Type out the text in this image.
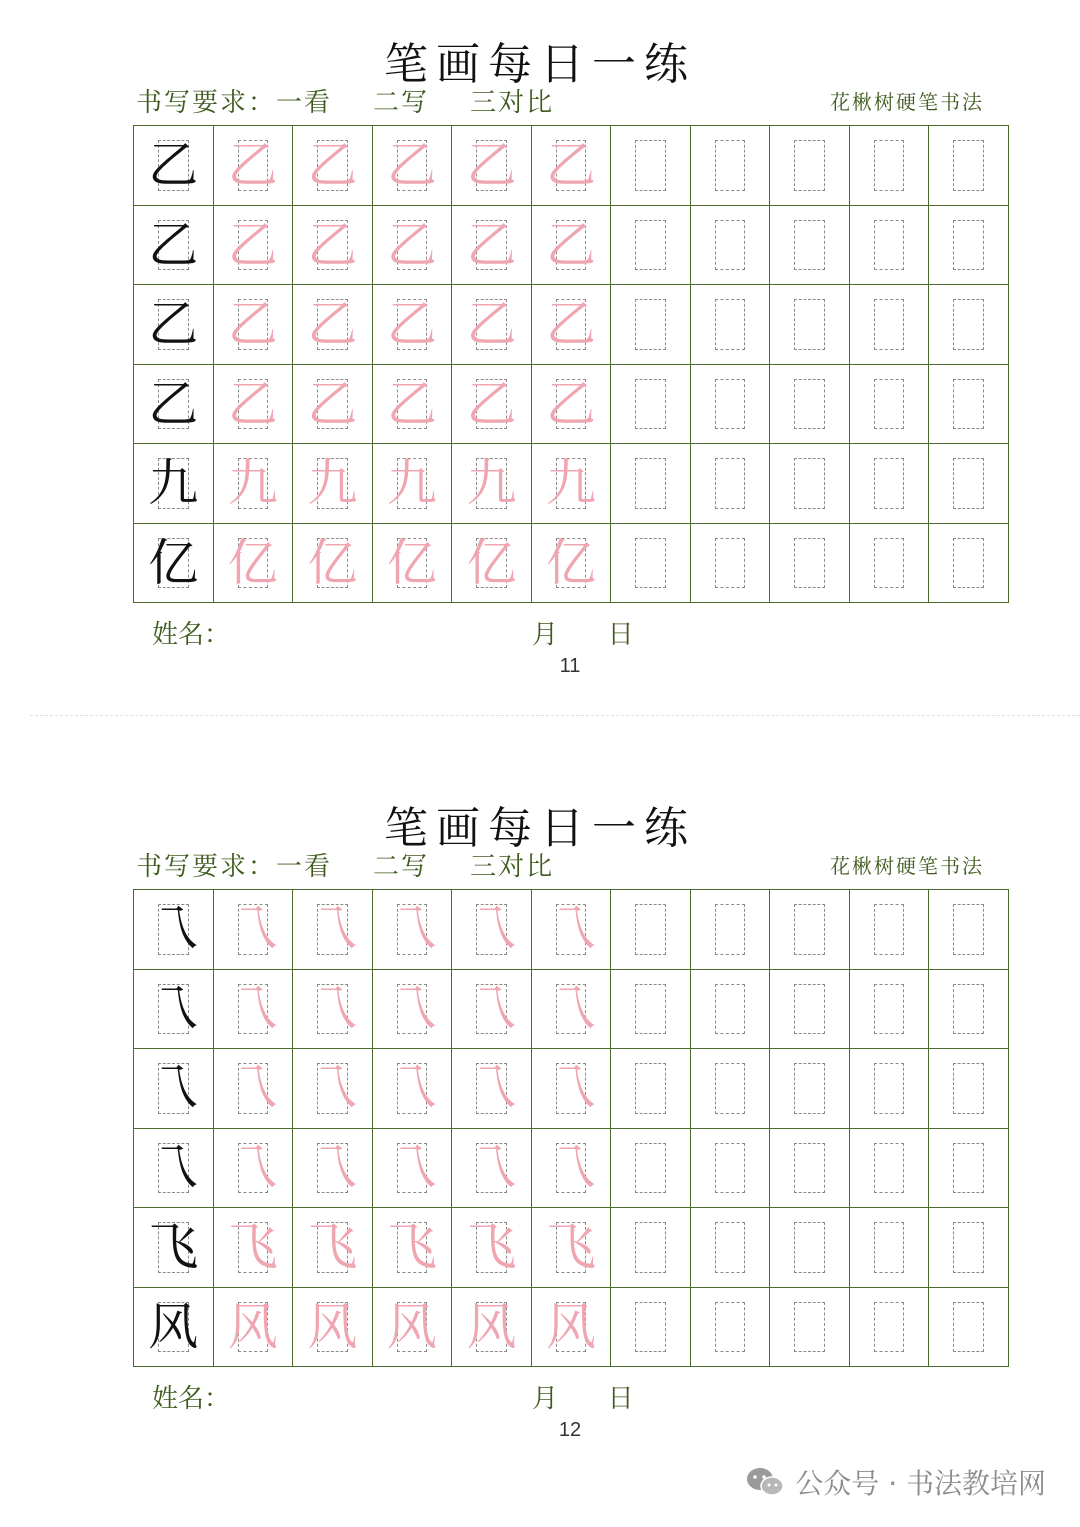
笔画每日一练
书写要求：一看    二写    三对比	花楸树硬笔书法
乙 乙 乙 乙 乙 乙
乙 乙 乙 乙 乙 乙
乙 乙 乙 乙 乙 乙
乙 乙 乙 乙 乙 乙
九 九 九 九 九 九
亿 亿 亿 亿 亿 亿
姓名：	月      日
11
笔画每日一练
书写要求：一看    二写    三对比	花楸树硬笔书法
乁 乁 乁 乁 乁 乁
乁 乁 乁 乁 乁 乁
乁 乁 乁 乁 乁 乁
乁 乁 乁 乁 乁 乁
飞 飞 飞 飞 飞 飞
风 风 风 风 风 风
姓名：	月      日
12
公众号 · 书法教培网
